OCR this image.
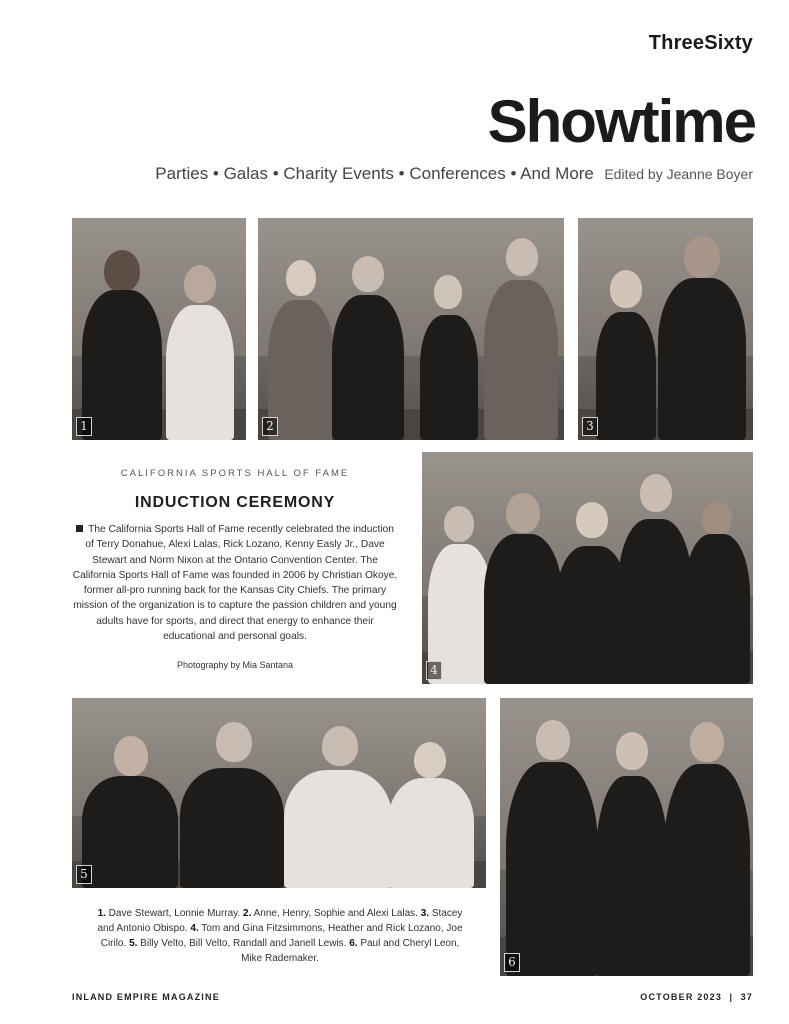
ThreeSixty
Showtime
Parties • Galas • Charity Events • Conferences • And More Edited by Jeanne Boyer
1	2	3
CALIFORNIA SPORTS HALL OF FAME
INDUCTION CEREMONY
The California Sports Hall of Fame recently celebrated the induction of Terry Donahue, Alexi Lalas, Rick Lozano, Kenny Easly Jr., Dave Stewart and Norm Nixon at the Ontario Convention Center. The California Sports Hall of Fame was founded in 2006 by Christian Okoye, former all-pro running back for the Kansas City Chiefs. The primary mission of the organization is to capture the passion children and young adults have for sports, and direct that energy to enhance their educational and personal goals.
Photography by Mia Santana	4
5
1. Dave Stewart, Lonnie Murray. 2. Anne, Henry, Sophie and Alexi Lalas. 3. Stacey and Antonio Obispo. 4. Tom and Gina Fitzsimmons, Heather and Rick Lozano, Joe Cirilo. 5. Billy Velto, Bill Velto, Randall and Janell Lewis. 6. Paul and Cheryl Leon, Mike Rademaker.	6
INLAND EMPIRE MAGAZINE	OCTOBER 2023 | 37
